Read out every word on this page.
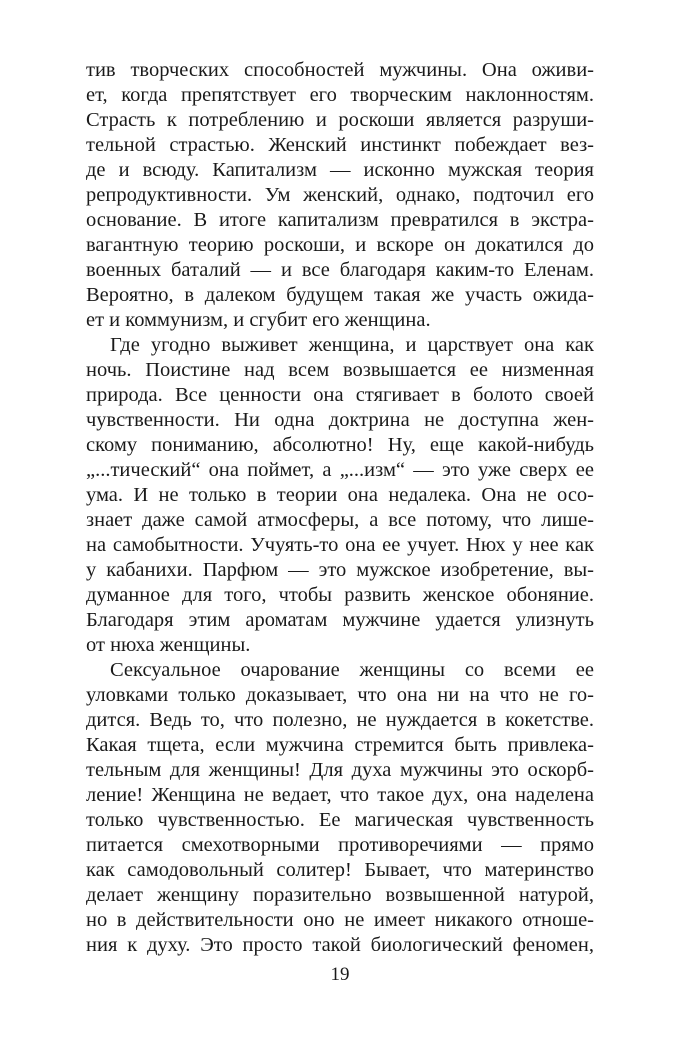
тив творческих способностей мужчины. Она оживи-
ет, когда препятствует его творческим наклонностям.
Страсть к потреблению и роскоши является разруши-
тельной страстью. Женский инстинкт побеждает вез-
де и всюду. Капитализм — исконно мужская теория
репродуктивности. Ум женский, однако, подточил его
основание. В итоге капитализм превратился в экстра-
вагантную теорию роскоши, и вскоре он докатился до
военных баталий — и все благодаря каким-то Еленам.
Вероятно, в далеком будущем такая же участь ожида-
ет и коммунизм, и сгубит его женщина.
Где угодно выживет женщина, и царствует она как
ночь. Поистине над всем возвышается ее низменная
природа. Все ценности она стягивает в болото своей
чувственности. Ни одна доктрина не доступна жен-
скому пониманию, абсолютно! Ну, еще какой-нибудь
„...тический“ она поймет, а „...изм“ — это уже сверх ее
ума. И не только в теории она недалека. Она не осо-
знает даже самой атмосферы, а все потому, что лише-
на самобытности. Учуять-то она ее учует. Нюх у нее как
у кабанихи. Парфюм — это мужское изобретение, вы-
думанное для того, чтобы развить женское обоняние.
Благодаря этим ароматам мужчине удается улизнуть
от нюха женщины.
Сексуальное очарование женщины со всеми ее
уловками только доказывает, что она ни на что не го-
дится. Ведь то, что полезно, не нуждается в кокетстве.
Какая тщета, если мужчина стремится быть привлека-
тельным для женщины! Для духа мужчины это оскорб-
ление! Женщина не ведает, что такое дух, она наделена
только чувственностью. Ее магическая чувственность
питается смехотворными противоречиями — прямо
как самодовольный солитер! Бывает, что материнство
делает женщину поразительно возвышенной натурой,
но в действительности оно не имеет никакого отноше-
ния к духу. Это просто такой биологический феномен,
19
